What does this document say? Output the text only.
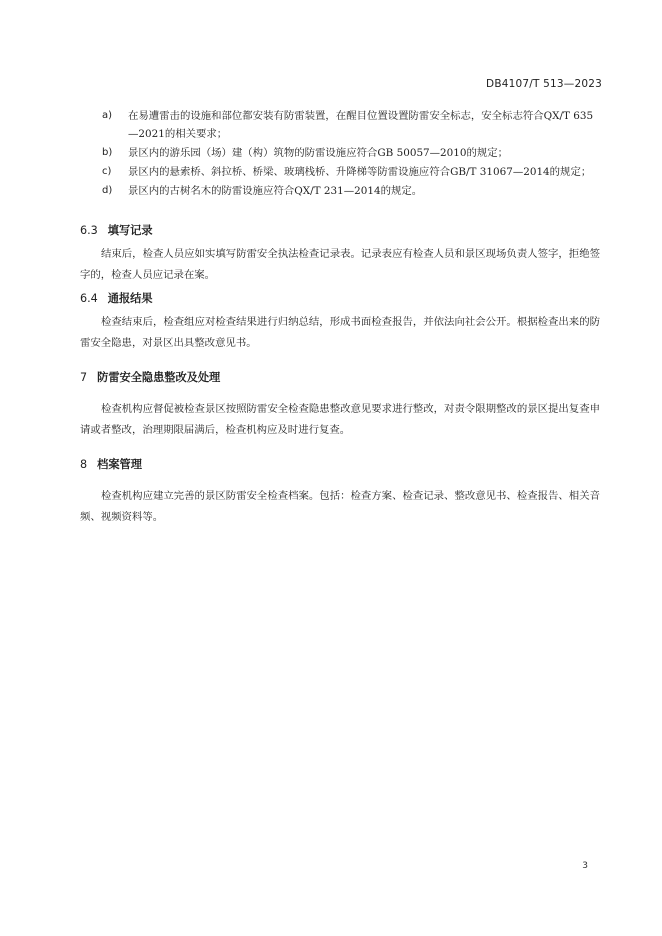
DB4107/T 513—2023
a) 在易遭雷击的设施和部位都安装有防雷装置，在醒目位置设置防雷安全标志，安全标志符合QX/T 635—2021的相关要求；
b) 景区内的游乐园（场）建（构）筑物的防雷设施应符合GB 50057—2010的规定；
c) 景区内的悬索桥、斜拉桥、桥梁、玻璃栈桥、升降梯等防雷设施应符合GB/T 31067—2014的规定；
d) 景区内的古树名木的防雷设施应符合QX/T 231—2014的规定。
6.3 填写记录
结束后，检查人员应如实填写防雷安全执法检查记录表。记录表应有检查人员和景区现场负责人签字，拒绝签字的，检查人员应记录在案。
6.4 通报结果
检查结束后，检查组应对检查结果进行归纳总结，形成书面检查报告，并依法向社会公开。根据检查出来的防雷安全隐患，对景区出具整改意见书。
7 防雷安全隐患整改及处理
检查机构应督促被检查景区按照防雷安全检查隐患整改意见要求进行整改，对责令限期整改的景区提出复查申请或者整改，治理期限届满后，检查机构应及时进行复查。
8 档案管理
检查机构应建立完善的景区防雷安全检查档案。包括：检查方案、检查记录、整改意见书、检查报告、相关音频、视频资料等。
3
